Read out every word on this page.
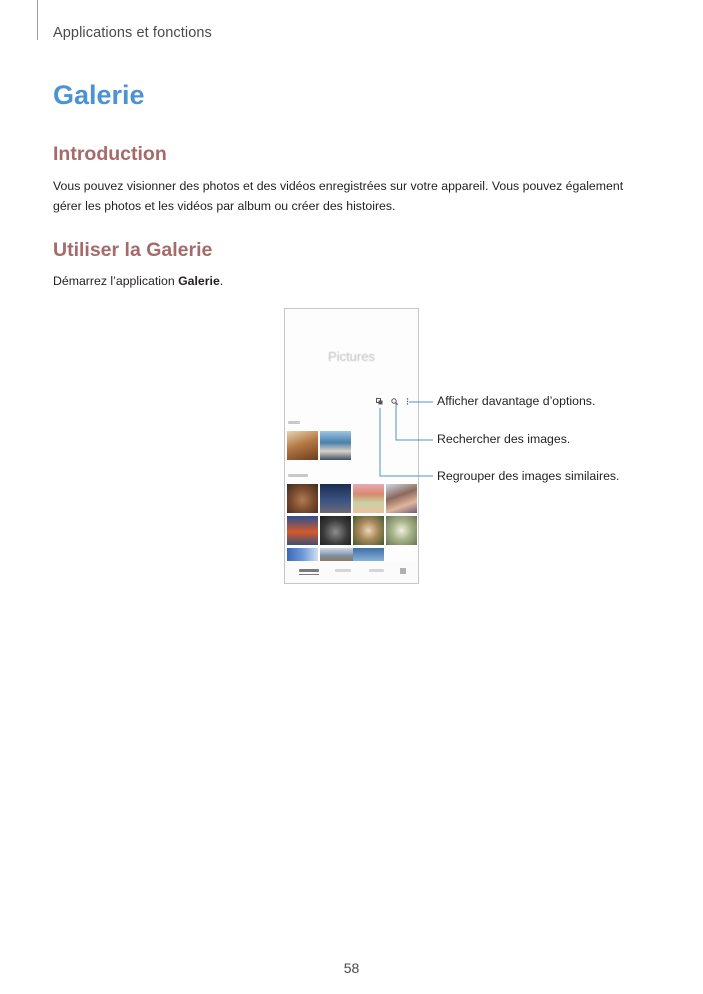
Applications et fonctions
Galerie
Introduction

Vous pouvez visionner des photos et des vidéos enregistrées sur votre appareil. Vous pouvez également gérer les photos et les vidéos par album ou créer des histoires.

Utiliser la Galerie

Démarrez l’application Galerie.

Pictures
Afficher davantage d’options.
Rechercher des images.
Regrouper des images similaires.
58
